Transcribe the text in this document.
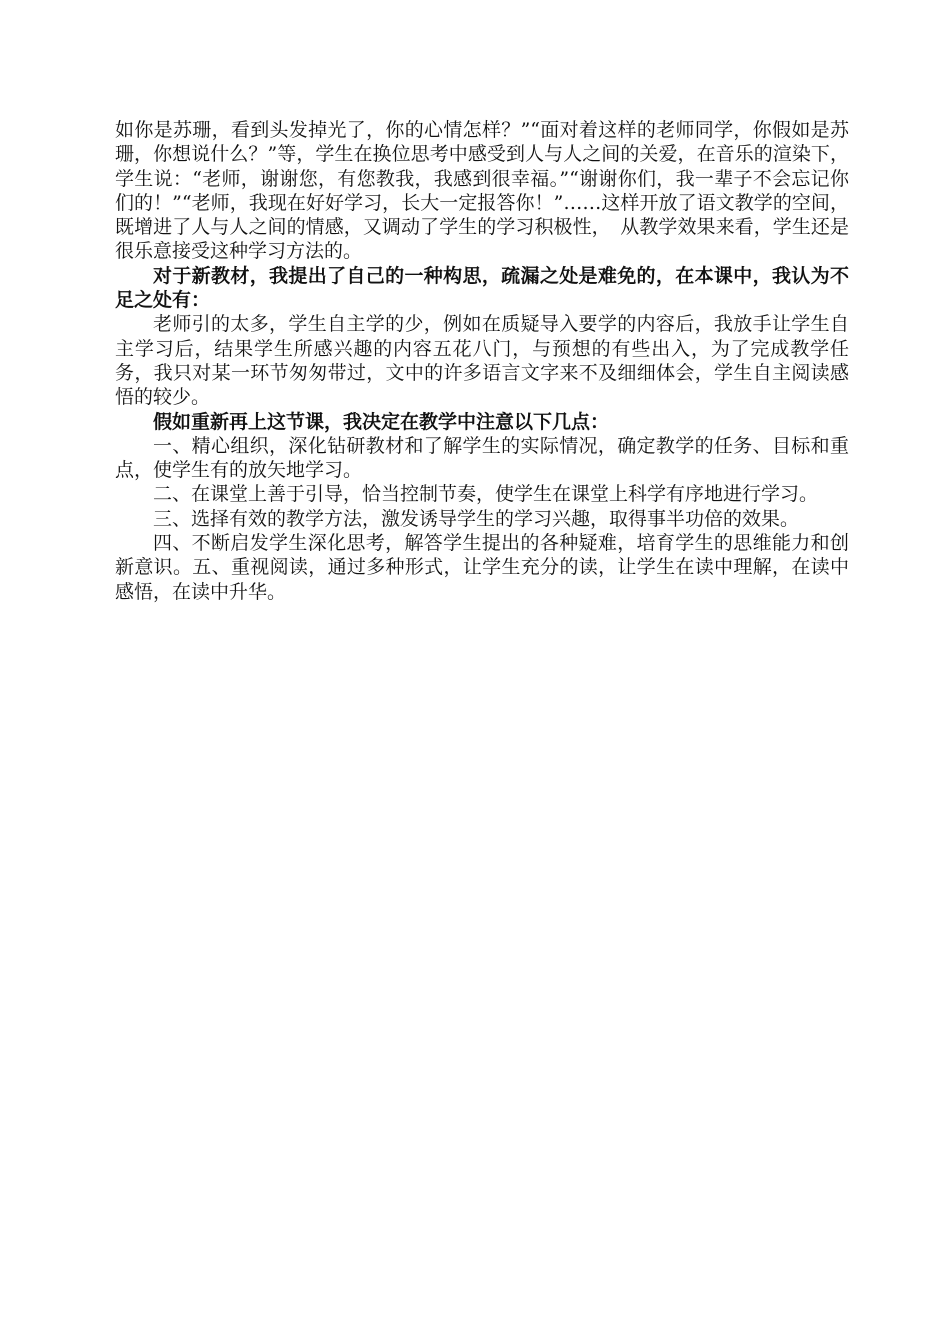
如你是苏珊，看到头发掉光了，你的心情怎样？”“面对着这样的老师同学，你假如是苏珊，你想说什么？”等，学生在换位思考中感受到人与人之间的关爱，在音乐的渲染下，学生说：“老师，谢谢您，有您教我，我感到很幸福。”“谢谢你们，我一辈子不会忘记你们的！”“老师，我现在好好学习，长大一定报答你！”……这样开放了语文教学的空间，既增进了人与人之间的情感，又调动了学生的学习积极性，　从教学效果来看，学生还是很乐意接受这种学习方法的。

对于新教材，我提出了自己的一种构思，疏漏之处是难免的，在本课中，我认为不足之处有：

老师引的太多，学生自主学的少，例如在质疑导入要学的内容后，我放手让学生自主学习后，结果学生所感兴趣的内容五花八门，与预想的有些出入，为了完成教学任务，我只对某一环节匆匆带过，文中的许多语言文字来不及细细体会，学生自主阅读感悟的较少。

假如重新再上这节课，我决定在教学中注意以下几点：

一、精心组织，深化钻研教材和了解学生的实际情况，确定教学的任务、目标和重点，使学生有的放矢地学习。

二、在课堂上善于引导，恰当控制节奏，使学生在课堂上科学有序地进行学习。

三、选择有效的教学方法，激发诱导学生的学习兴趣，取得事半功倍的效果。

四、不断启发学生深化思考，解答学生提出的各种疑难，培育学生的思维能力和创新意识。五、重视阅读，通过多种形式，让学生充分的读，让学生在读中理解，在读中感悟，在读中升华。
